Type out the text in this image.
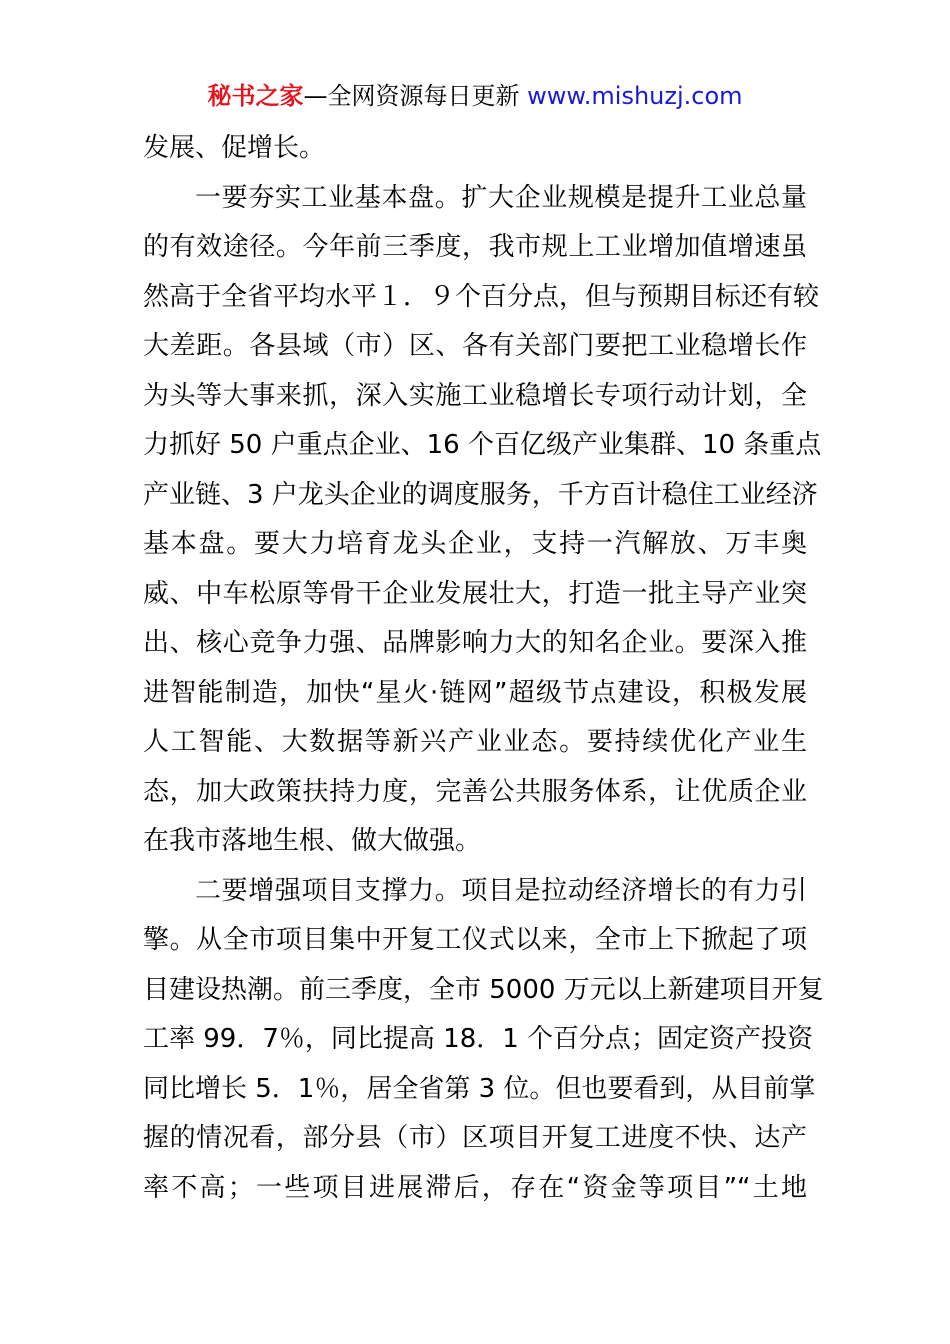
秘书之家—全网资源每日更新 www.mishuzj.com
发展、促增长。
一要夯实工业基本盘。扩大企业规模是提升工业总量
的有效途径。今年前三季度，我市规上工业增加值增速虽
然高于全省平均水平１．９个百分点，但与预期目标还有较
大差距。各县域（市）区、各有关部门要把工业稳增长作
为头等大事来抓，深入实施工业稳增长专项行动计划，全
力抓好 50 户重点企业、16 个百亿级产业集群、10 条重点
产业链、3 户龙头企业的调度服务，千方百计稳住工业经济
基本盘。要大力培育龙头企业，支持一汽解放、万丰奥
威、中车松原等骨干企业发展壮大，打造一批主导产业突
出、核心竞争力强、品牌影响力大的知名企业。要深入推
进智能制造，加快“星火·链网”超级节点建设，积极发展
人工智能、大数据等新兴产业业态。要持续优化产业生
态，加大政策扶持力度，完善公共服务体系，让优质企业
在我市落地生根、做大做强。
二要增强项目支撑力。项目是拉动经济增长的有力引
擎。从全市项目集中开复工仪式以来，全市上下掀起了项
目建设热潮。前三季度，全市 5000 万元以上新建项目开复
工率 99．7％，同比提高 18．1 个百分点；固定资产投资
同比增长 5．1％，居全省第 3 位。但也要看到，从目前掌
握的情况看，部分县（市）区项目开复工进度不快、达产
率不高；一些项目进展滞后，存在“资金等项目”“土地
